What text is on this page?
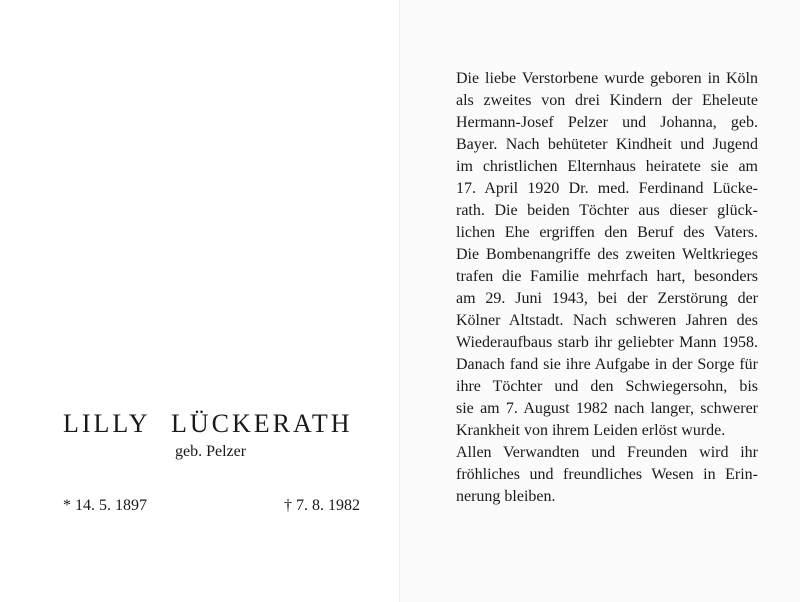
LILLY LÜCKERATH
geb. Pelzer
* 14. 5. 1897	† 7. 8. 1982
Die liebe Verstorbene wurde geboren in Köln
als zweites von drei Kindern der Eheleute
Hermann-Josef Pelzer und Johanna, geb.
Bayer. Nach behüteter Kindheit und Jugend
im christlichen Elternhaus heiratete sie am
17. April 1920 Dr. med. Ferdinand Lücke-
rath. Die beiden Töchter aus dieser glück-
lichen Ehe ergriffen den Beruf des Vaters.
Die Bombenangriffe des zweiten Weltkrieges
trafen die Familie mehrfach hart, besonders
am 29. Juni 1943, bei der Zerstörung der
Kölner Altstadt. Nach schweren Jahren des
Wiederaufbaus starb ihr geliebter Mann 1958.
Danach fand sie ihre Aufgabe in der Sorge für
ihre Töchter und den Schwiegersohn, bis
sie am 7. August 1982 nach langer, schwerer
Krankheit von ihrem Leiden erlöst wurde.
Allen Verwandten und Freunden wird ihr
fröhliches und freundliches Wesen in Erin-
nerung bleiben.
